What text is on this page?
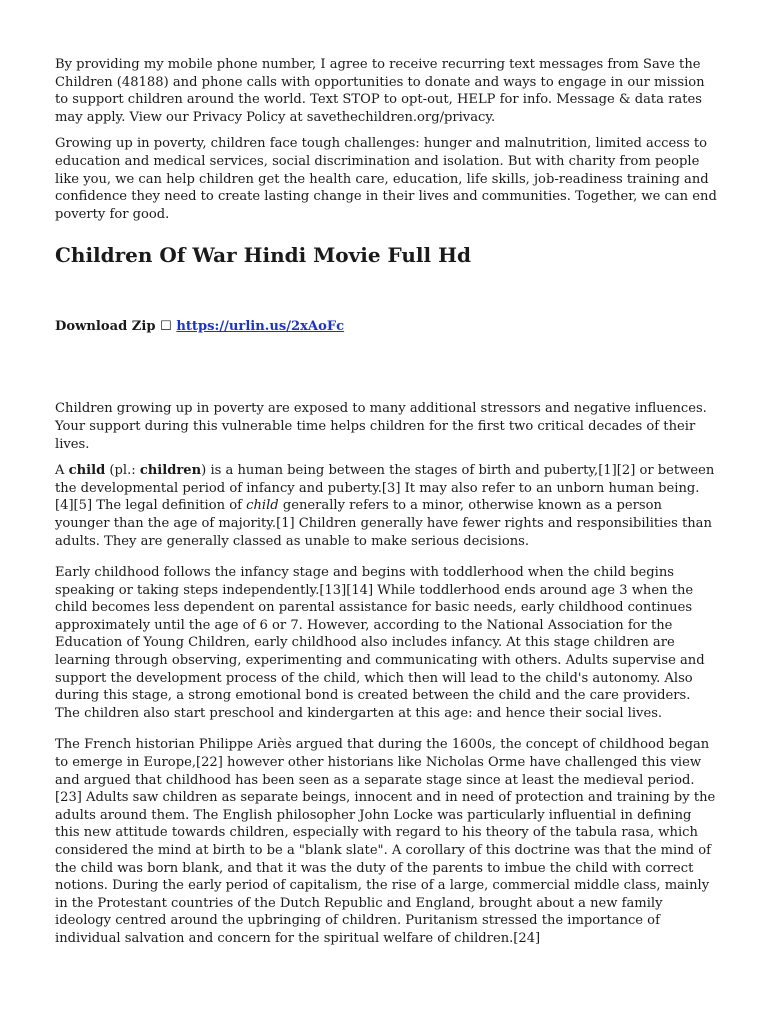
By providing my mobile phone number, I agree to receive recurring text messages from Save the Children (48188) and phone calls with opportunities to donate and ways to engage in our mission to support children around the world. Text STOP to opt-out, HELP for info. Message & data rates may apply. View our Privacy Policy at savethechildren.org/privacy.

Growing up in poverty, children face tough challenges: hunger and malnutrition, limited access to education and medical services, social discrimination and isolation. But with charity from people like you, we can help children get the health care, education, life skills, job-readiness training and confidence they need to create lasting change in their lives and communities. Together, we can end poverty for good.

Children Of War Hindi Movie Full Hd
Download Zip ☐ https://urlin.us/2xAoFc

Children growing up in poverty are exposed to many additional stressors and negative influences. Your support during this vulnerable time helps children for the first two critical decades of their lives.

A child (pl.: children) is a human being between the stages of birth and puberty,[1][2] or between the developmental period of infancy and puberty.[3] It may also refer to an unborn human being.[4][5] The legal definition of child generally refers to a minor, otherwise known as a person younger than the age of majority.[1] Children generally have fewer rights and responsibilities than adults. They are generally classed as unable to make serious decisions.

Early childhood follows the infancy stage and begins with toddlerhood when the child begins speaking or taking steps independently.[13][14] While toddlerhood ends around age 3 when the child becomes less dependent on parental assistance for basic needs, early childhood continues approximately until the age of 6 or 7. However, according to the National Association for the Education of Young Children, early childhood also includes infancy. At this stage children are learning through observing, experimenting and communicating with others. Adults supervise and support the development process of the child, which then will lead to the child's autonomy. Also during this stage, a strong emotional bond is created between the child and the care providers. The children also start preschool and kindergarten at this age: and hence their social lives.

The French historian Philippe Ariès argued that during the 1600s, the concept of childhood began to emerge in Europe,[22] however other historians like Nicholas Orme have challenged this view and argued that childhood has been seen as a separate stage since at least the medieval period.[23] Adults saw children as separate beings, innocent and in need of protection and training by the adults around them. The English philosopher John Locke was particularly influential in defining this new attitude towards children, especially with regard to his theory of the tabula rasa, which considered the mind at birth to be a "blank slate". A corollary of this doctrine was that the mind of the child was born blank, and that it was the duty of the parents to imbue the child with correct notions. During the early period of capitalism, the rise of a large, commercial middle class, mainly in the Protestant countries of the Dutch Republic and England, brought about a new family ideology centred around the upbringing of children. Puritanism stressed the importance of individual salvation and concern for the spiritual welfare of children.[24]
